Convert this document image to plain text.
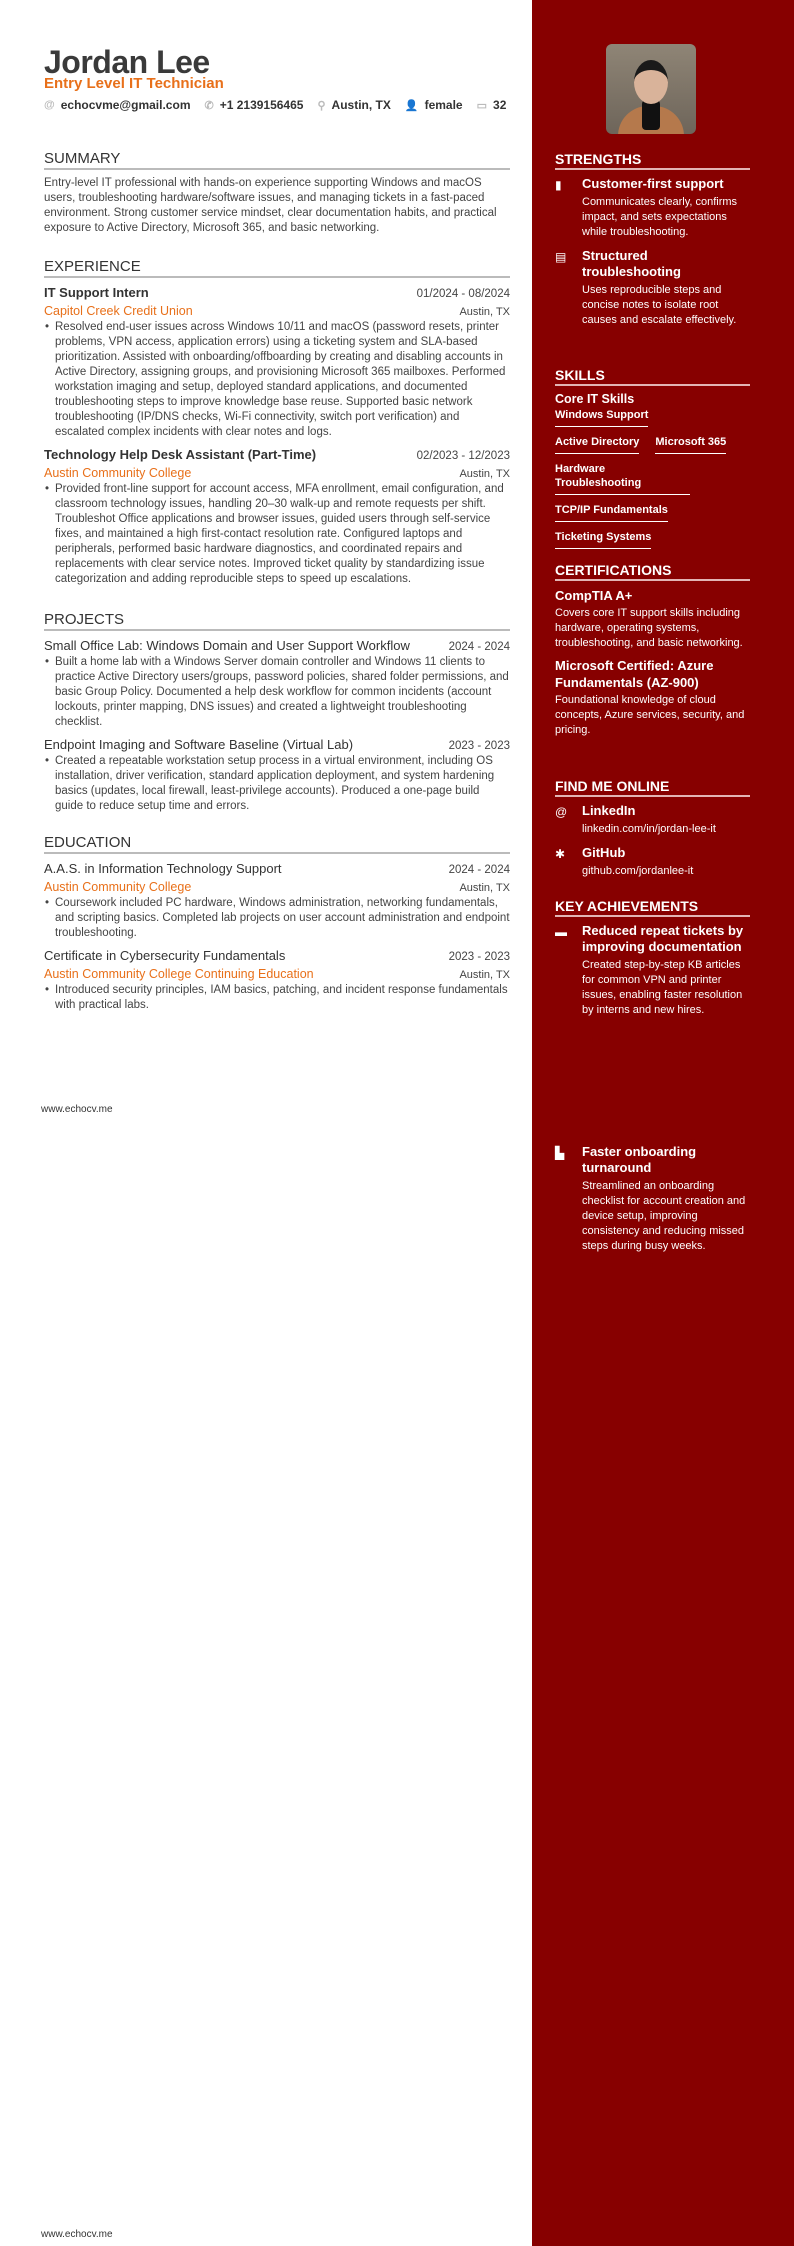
Jordan Lee
Entry Level IT Technician
@ echocvme@gmail.com ✆ +1 2139156465 ⚲ Austin, TX 👤 female ▭ 32
SUMMARY
Entry-level IT professional with hands-on experience supporting Windows and macOS users, troubleshooting hardware/software issues, and managing tickets in a fast-paced environment. Strong customer service mindset, clear documentation habits, and practical exposure to Active Directory, Microsoft 365, and basic networking.
EXPERIENCE
IT Support Intern	01/2024 - 08/2024
Capitol Creek Credit Union	Austin, TX
• Resolved end-user issues across Windows 10/11 and macOS (password resets, printer problems, VPN access, application errors) using a ticketing system and SLA-based prioritization. Assisted with onboarding/offboarding by creating and disabling accounts in Active Directory, assigning groups, and provisioning Microsoft 365 mailboxes. Performed workstation imaging and setup, deployed standard applications, and documented troubleshooting steps to improve knowledge base reuse. Supported basic network troubleshooting (IP/DNS checks, Wi-Fi connectivity, switch port verification) and escalated complex incidents with clear notes and logs.
Technology Help Desk Assistant (Part-Time)	02/2023 - 12/2023
Austin Community College	Austin, TX
• Provided front-line support for account access, MFA enrollment, email configuration, and classroom technology issues, handling 20–30 walk-up and remote requests per shift. Troubleshot Office applications and browser issues, guided users through self-service fixes, and maintained a high first-contact resolution rate. Configured laptops and peripherals, performed basic hardware diagnostics, and coordinated repairs and replacements with clear service notes. Improved ticket quality by standardizing issue categorization and adding reproducible steps to speed up escalations.
PROJECTS
Small Office Lab: Windows Domain and User Support Workflow	2024 - 2024
• Built a home lab with a Windows Server domain controller and Windows 11 clients to practice Active Directory users/groups, password policies, shared folder permissions, and basic Group Policy. Documented a help desk workflow for common incidents (account lockouts, printer mapping, DNS issues) and created a lightweight troubleshooting checklist.
Endpoint Imaging and Software Baseline (Virtual Lab)	2023 - 2023
• Created a repeatable workstation setup process in a virtual environment, including OS installation, driver verification, standard application deployment, and system hardening basics (updates, local firewall, least-privilege accounts). Produced a one-page build guide to reduce setup time and errors.
EDUCATION
A.A.S. in Information Technology Support	2024 - 2024
Austin Community College	Austin, TX
• Coursework included PC hardware, Windows administration, networking fundamentals, and scripting basics. Completed lab projects on user account administration and endpoint troubleshooting.
Certificate in Cybersecurity Fundamentals	2023 - 2023
Austin Community College Continuing Education	Austin, TX
• Introduced security principles, IAM basics, patching, and incident response fundamentals with practical labs.
www.echocv.me
www.echocv.me
STRENGTHS
▮	Customer-first support
Communicates clearly, confirms impact, and sets expectations while troubleshooting.
▤	Structured troubleshooting
Uses reproducible steps and concise notes to isolate root causes and escalate effectively.
SKILLS
Core IT Skills
Windows Support
Active Directory Microsoft 365
Hardware Troubleshooting
TCP/IP Fundamentals
Ticketing Systems
CERTIFICATIONS
CompTIA A+
Covers core IT support skills including hardware, operating systems, troubleshooting, and basic networking.
Microsoft Certified: Azure Fundamentals (AZ-900)
Foundational knowledge of cloud concepts, Azure services, security, and pricing.
FIND ME ONLINE
@	LinkedIn
linkedin.com/in/jordan-lee-it
✱	GitHub
github.com/jordanlee-it
KEY ACHIEVEMENTS
▬	Reduced repeat tickets by improving documentation
Created step-by-step KB articles for common VPN and printer issues, enabling faster resolution by interns and new hires.
▙	Faster onboarding turnaround
Streamlined an onboarding checklist for account creation and device setup, improving consistency and reducing missed steps during busy weeks.
